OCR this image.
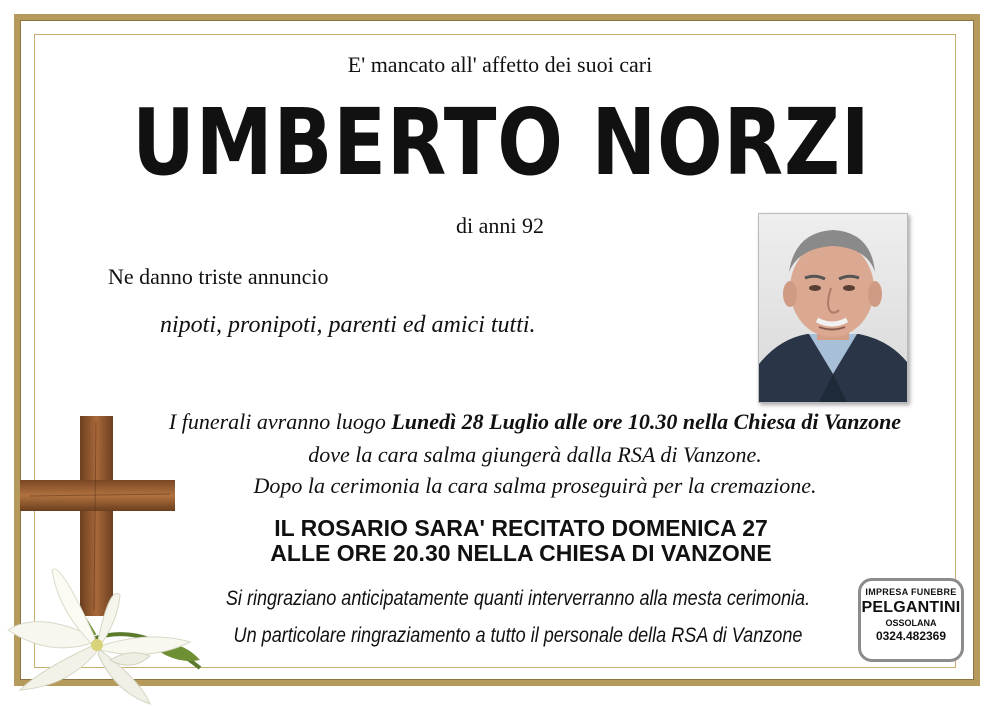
E' mancato all' affetto dei suoi cari
UMBERTO NORZI
di anni 92
Ne danno triste annuncio
nipoti, pronipoti, parenti ed amici tutti.
I funerali avranno luogo Lunedì 28 Luglio alle ore 10.30 nella Chiesa di Vanzone
dove la cara salma giungerà dalla RSA di Vanzone.
Dopo la cerimonia la cara salma proseguirà per la cremazione.
IL ROSARIO SARA' RECITATO DOMENICA 27
ALLE ORE 20.30 NELLA CHIESA DI VANZONE
Si ringraziano anticipatamente quanti interverranno alla mesta cerimonia.
Un particolare ringraziamento a tutto il personale della RSA di Vanzone
IMPRESA FUNEBRE
PELGANTINI
OSSOLANA
0324.482369
